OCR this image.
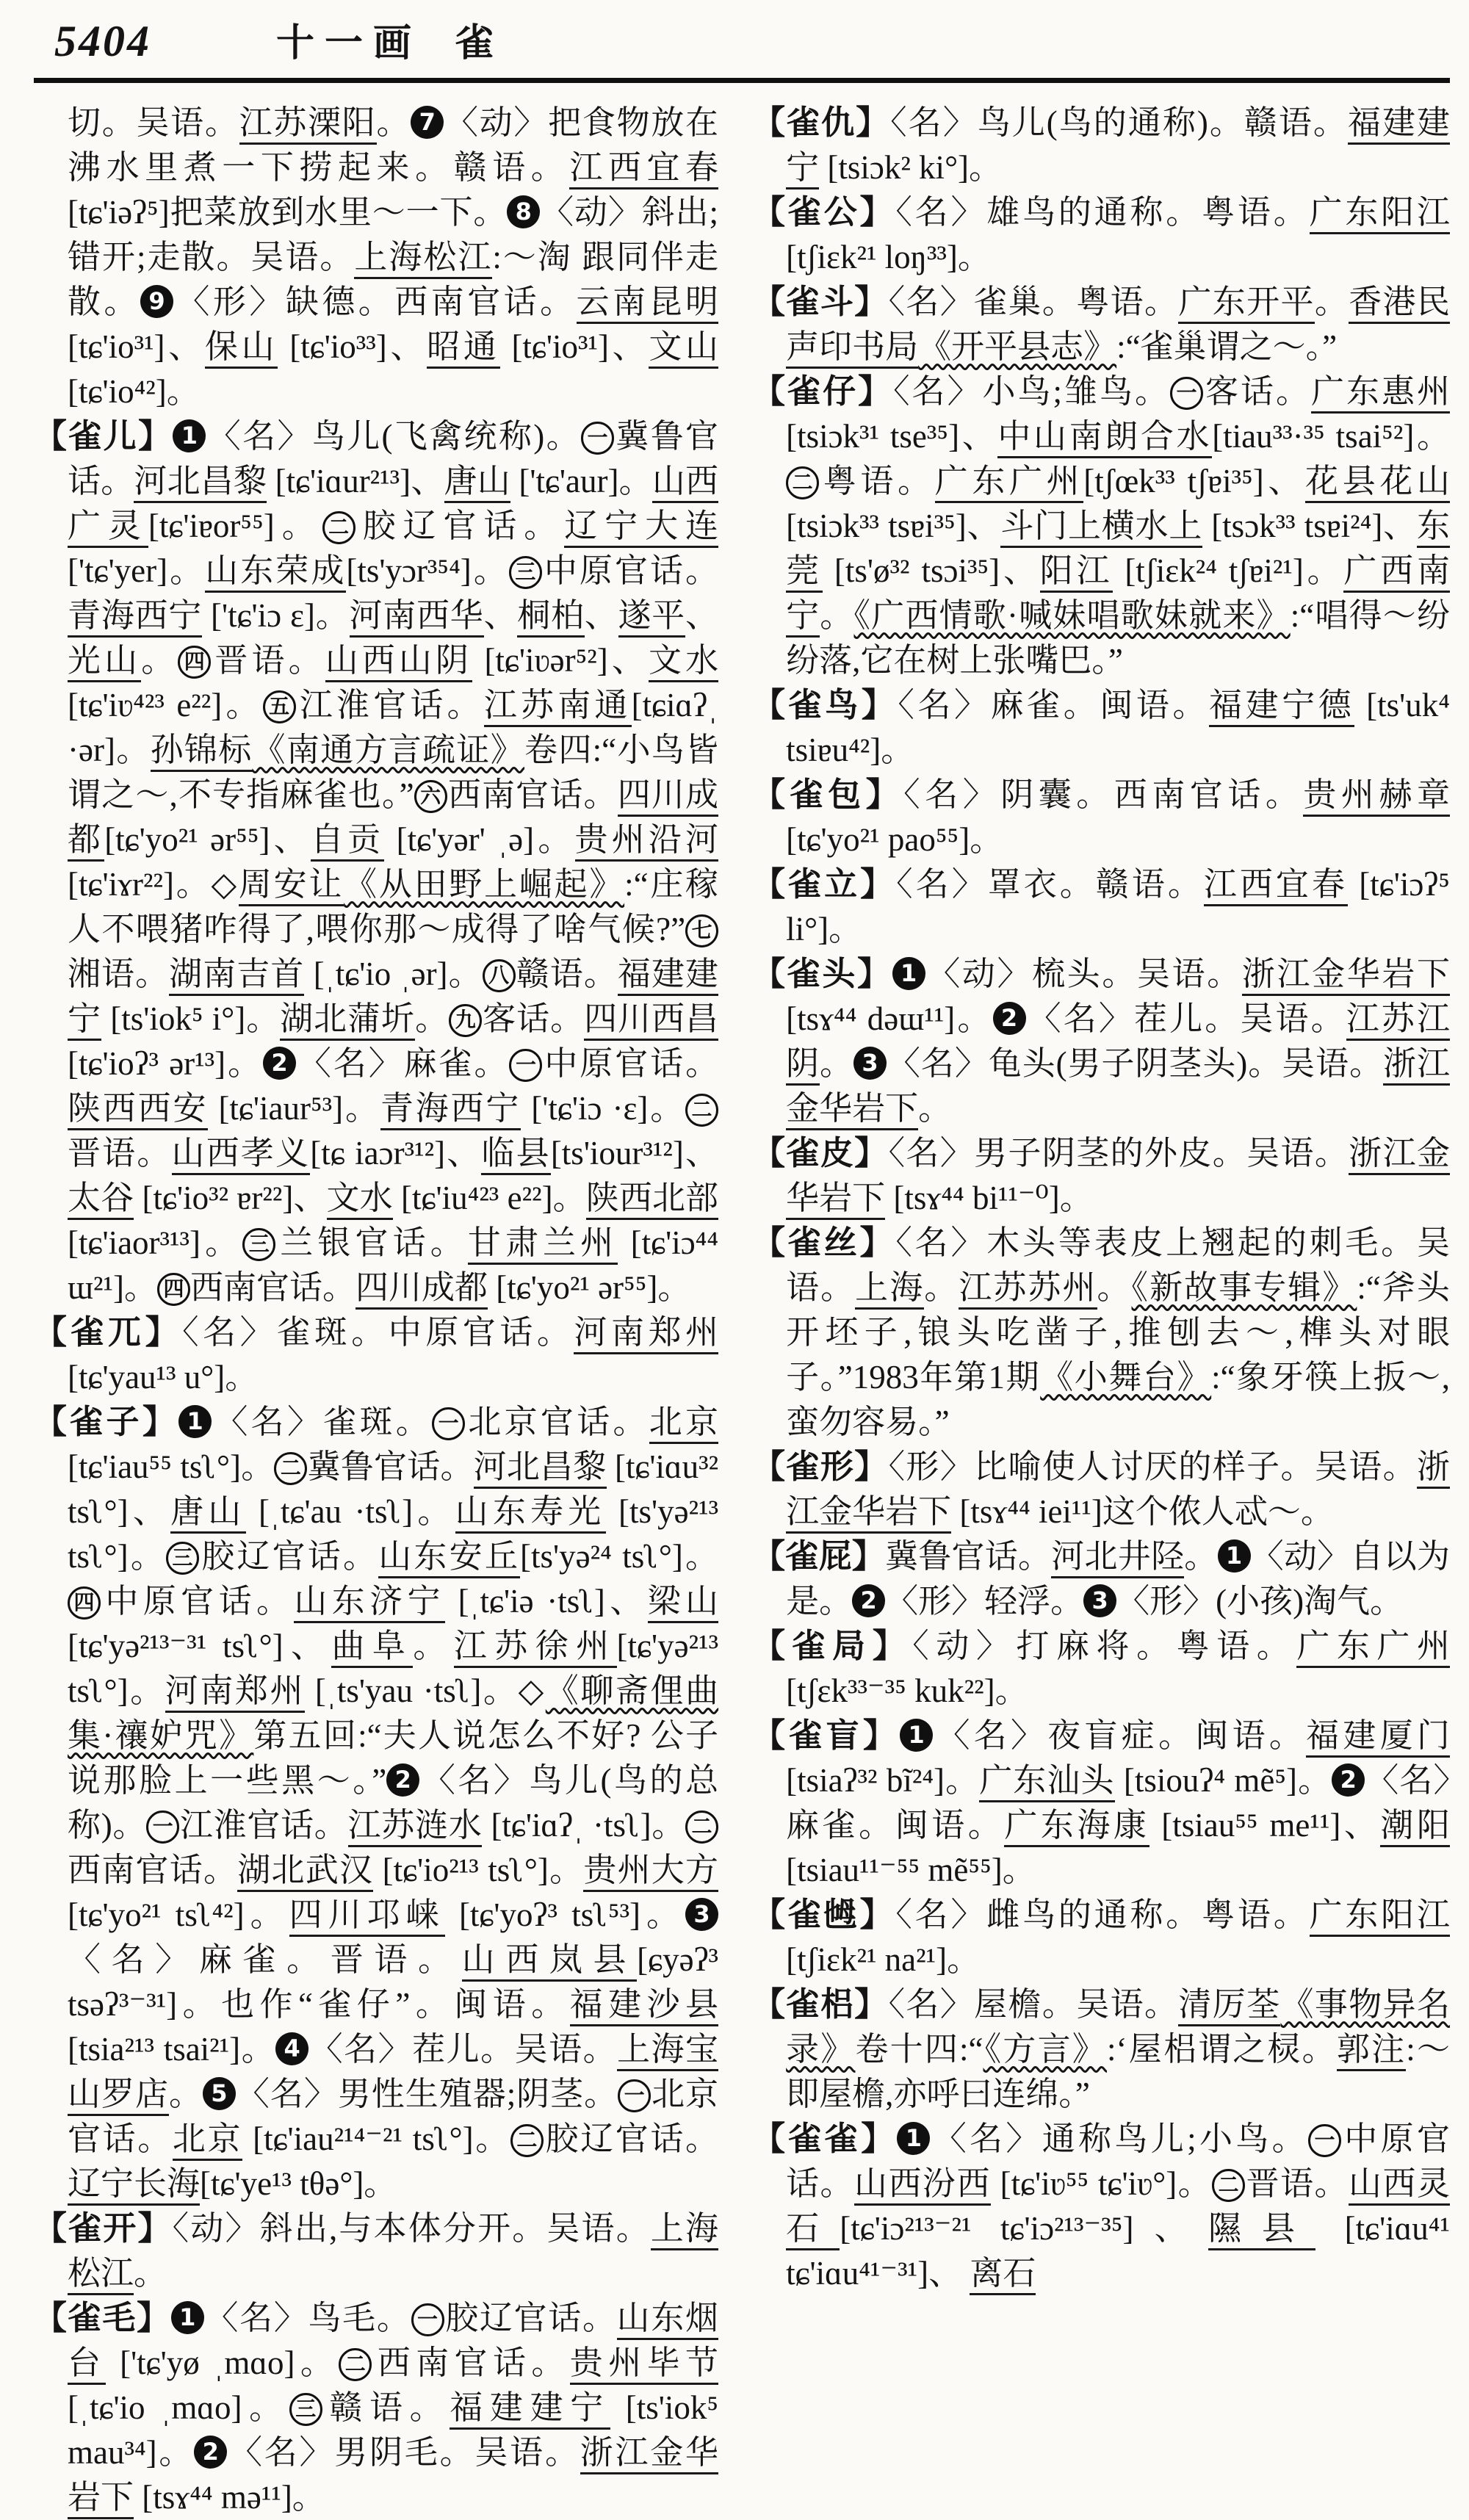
5404	十一画 雀
切。吴语。江苏溧阳。 7 〈动〉把食物放在沸水里煮一下捞起来。赣语。江西宜春[tɕ'iəʔ⁵]把菜放到水里～一下。 8 〈动〉斜出;错开;走散。吴语。上海松江:～淘 跟同伴走散。 9 〈形〉缺德。西南官话。云南昆明 [tɕ'io³¹]、保山 [tɕ'io³³]、昭通 [tɕ'io³¹]、文山 [tɕ'io⁴²]。
【雀儿】 1 〈名〉鸟儿(飞禽统称)。 一 冀鲁官话。河北昌黎 [tɕ'iɑur²¹³]、唐山 ['tɕ'aur]。山西广灵[tɕ'iɐor⁵⁵]。 二 胶辽官话。辽宁大连['tɕ'yer]。山东荣成[ts'yɔr³⁵⁴]。 三 中原官话。青海西宁 ['tɕ'iɔ ɛ]。河南西华、桐柏、遂平、光山。 四 晋语。山西山阴 [tɕ'iʋər⁵²]、文水 [tɕ'iʋ⁴²³ e²²]。 五 江淮官话。江苏南通[tɕiɑʔˌ ·ər]。孙锦标《南通方言疏证》卷四:“小鸟皆谓之～,不专指麻雀也。” 六 西南官话。四川成都[tɕ'yo²¹ ər⁵⁵]、自贡 [tɕ'yər' ˌə]。贵州沿河 [tɕ'iɤr²²]。◇周安让《从田野上崛起》:“庄稼人不喂猪咋得了,喂你那～成得了啥气候?” 七湘语。湖南吉首 [ˌtɕ'io ˌər]。 八 赣语。福建建宁 [ts'iok⁵ i°]。湖北蒲圻。 九 客话。四川西昌 [tɕ'ioʔ³ ər¹³]。 2 〈名〉麻雀。 一 中原官话。陕西西安 [tɕ'iaur⁵³]。青海西宁 ['tɕ'iɔ ·ɛ]。 二晋语。山西孝义[tɕ iaɔr³¹²]、临县[ts'iour³¹²]、太谷 [tɕ'io³² ɐr²²]、文水 [tɕ'iu⁴²³ e²²]。陕西北部[tɕ'iaor³¹³]。 三 兰银官话。甘肃兰州 [tɕ'iɔ⁴⁴ ɯ²¹]。 四 西南官话。四川成都 [tɕ'yo²¹ ər⁵⁵]。
【雀兀】〈名〉雀斑。中原官话。河南郑州[tɕ'yau¹³ u°]。
【雀子】 1 〈名〉雀斑。 一 北京官话。北京[tɕ'iau⁵⁵ tsʅ°]。 二 冀鲁官话。河北昌黎 [tɕ'iɑu³² tsʅ°]、唐山 [ˌtɕ'au ·tsʅ]。山东寿光 [ts'yə²¹³ tsʅ°]。 三 胶辽官话。山东安丘[ts'yə²⁴ tsʅ°]。四 中原官话。山东济宁 [ˌtɕ'iə ·tsʅ]、梁山 [tɕ'yə²¹³⁻³¹ tsʅ°]、曲阜。江苏徐州[tɕ'yə²¹³ tsʅ°]。河南郑州 [ˌts'yau ·tsʅ]。◇《聊斋俚曲集·禳妒咒》第五回:“夫人说怎么不好? 公子说那脸上一些黑～。” 2 〈名〉鸟儿(鸟的总称)。 一 江淮官话。江苏涟水 [tɕ'iɑʔˌ ·tsʅ]。 二西南官话。湖北武汉 [tɕ'io²¹³ tsʅ°]。贵州大方 [tɕ'yo²¹ tsʅ⁴²]。四川邛崃 [tɕ'yoʔ³ tsʅ⁵³]。 3〈名〉麻雀。晋语。山西岚县[ɕyəʔ³ tsəʔ³⁻³¹]。也作“雀仔”。闽语。福建沙县[tsia²¹³ tsai²¹]。 4 〈名〉茬儿。吴语。上海宝山罗店。 5 〈名〉男性生殖器;阴茎。 一 北京官话。北京 [tɕ'iau²¹⁴⁻²¹ tsʅ°]。 二 胶辽官话。辽宁长海[tɕ'ye¹³ tθə°]。
【雀开】〈动〉斜出,与本体分开。吴语。上海松江。
【雀毛】 1 〈名〉鸟毛。 一 胶辽官话。山东烟台 ['tɕ'yø ˌmɑo]。 二 西南官话。贵州毕节[ˌtɕ'io ˌmɑo]。 三 赣语。福建建宁 [ts'iok⁵ mau³⁴]。 2 〈名〉男阴毛。吴语。浙江金华岩下 [tsɤ⁴⁴ mə¹¹]。
【雀仇】〈名〉鸟儿(鸟的通称)。赣语。福建建宁 [tsiɔk² ki°]。
【雀公】〈名〉雄鸟的通称。粤语。广东阳江 [tʃiɛk²¹ loŋ³³]。
【雀斗】〈名〉雀巢。粤语。广东开平。香港民声印书局《开平县志》:“雀巢谓之～。”
【雀仔】〈名〉小鸟;雏鸟。 一 客话。广东惠州 [tsiɔk³¹ tse³⁵]、中山南朗合水[tiau³³·³⁵ tsai⁵²]。二 粤语。广东广州[tʃœk³³ tʃɐi³⁵]、花县花山 [tsiɔk³³ tsɐi³⁵]、斗门上横水上 [tsɔk³³ tsɐi²⁴]、东莞 [ts'ø³² tsɔi³⁵]、阳江 [tʃiɛk²⁴ tʃɐi²¹]。广西南宁。《广西情歌·喊妹唱歌妹就来》:“唱得～纷纷落,它在树上张嘴巴。”
【雀鸟】〈名〉麻雀。闽语。福建宁德 [ts'uk⁴ tsiɐu⁴²]。
【雀包】〈名〉阴囊。西南官话。贵州赫章 [tɕ'yo²¹ pao⁵⁵]。
【雀立】〈名〉罩衣。赣语。江西宜春 [tɕ'iɔʔ⁵ li°]。
【雀头】 1 〈动〉梳头。吴语。浙江金华岩下 [tsɤ⁴⁴ dəɯ¹¹]。 2 〈名〉茬儿。吴语。江苏江阴。 3 〈名〉龟头(男子阴茎头)。吴语。浙江金华岩下。
【雀皮】〈名〉男子阴茎的外皮。吴语。浙江金华岩下 [tsɤ⁴⁴ bi¹¹⁻⁰]。
【雀丝】〈名〉木头等表皮上翘起的刺毛。吴语。上海。江苏苏州。《新故事专辑》:“斧头开坯子,锒头吃凿子,推刨去～,榫头对眼子。”1983年第1期《小舞台》:“象牙筷上扳～,蛮勿容易。”
【雀形】〈形〉比喻使人讨厌的样子。吴语。浙江金华岩下 [tsɤ⁴⁴ iei¹¹]这个侬人忒～。
【雀屁】冀鲁官话。河北井陉。 1 〈动〉自以为是。 2 〈形〉轻浮。 3 〈形〉(小孩)淘气。
【雀局】〈动〉打麻将。粤语。广东广州 [tʃɛk³³⁻³⁵ kuk²²]。
【雀盲】 1 〈名〉夜盲症。闽语。福建厦门 [tsiaʔ³² bĩ²⁴]。广东汕头 [tsiouʔ⁴ mẽ⁵]。 2 〈名〉麻雀。闽语。广东海康 [tsiau⁵⁵ me¹¹]、潮阳[tsiau¹¹⁻⁵⁵ mẽ⁵⁵]。
【雀乸】〈名〉雌鸟的通称。粤语。广东阳江 [tʃiɛk²¹ na²¹]。
【雀梠】〈名〉屋檐。吴语。清厉荃《事物异名录》卷十四:“《方言》:‘屋梠谓之棂。郭注:～即屋檐,亦呼曰连绵。”
【雀雀】 1 〈名〉通称鸟儿;小鸟。 一 中原官话。山西汾西 [tɕ'iʋ⁵⁵ tɕ'iʋ°]。 二 晋语。山西灵石[tɕ'iɔ²¹³⁻²¹ tɕ'iɔ²¹³⁻³⁵]、隰县 [tɕ'iɑu⁴¹ tɕ'iɑu⁴¹⁻³¹]、 离石
